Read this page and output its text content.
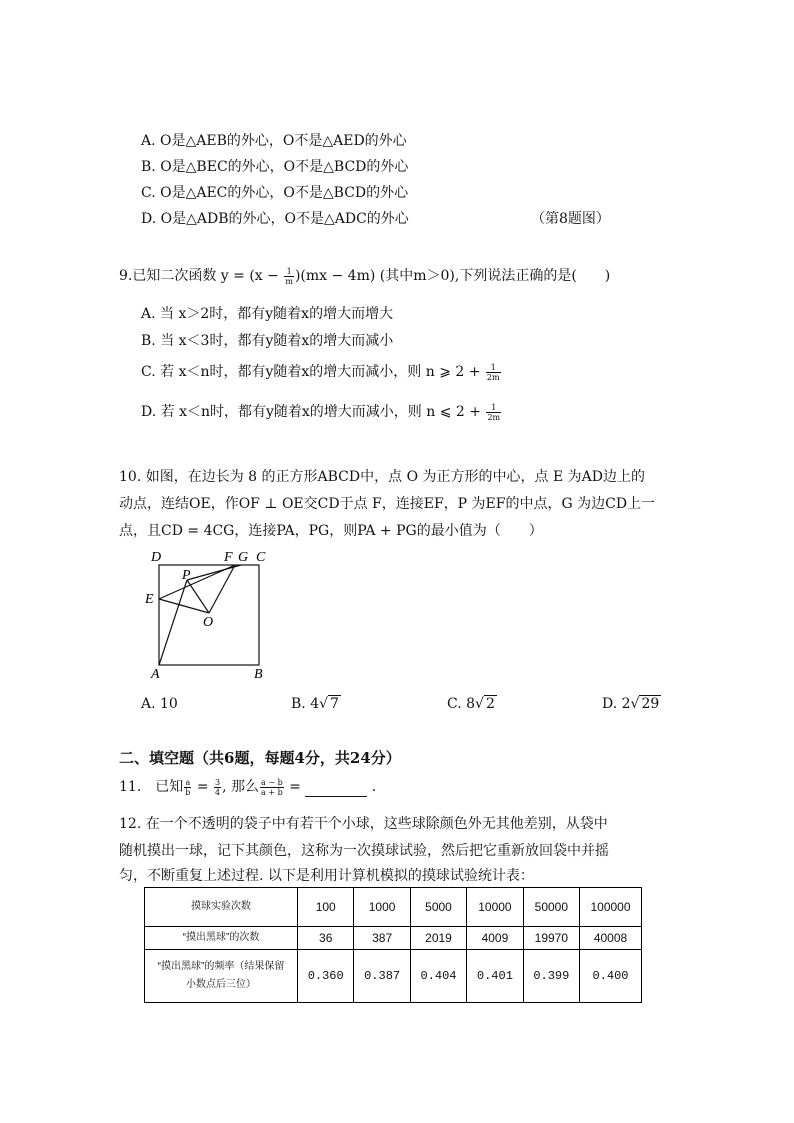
A. O是△AEB的外心，O不是△AED的外心
B. O是△BEC的外心，O不是△BCD的外心
C. O是△AEC的外心，O不是△BCD的外心
D. O是△ADB的外心，O不是△ADC的外心	（第8题图）
9.已知二次函数 $y = (x - \frac{1}{m} )(mx - 4m)$ (其中m＞0),下列说法正确的是(　　)
A. 当 x＞2时，都有y随着x的增大而增大
B. 当 x＜3时，都有y随着x的增大而减小
C. 若 x＜n时，都有y随着x的增大而减小，则 n ⩾ $2 + \frac{1}{2m}$
D. 若 x＜n时，都有y随着x的增大而减小，则 n ⩽ $2 + \frac{1}{2m}$
10. 如图，在边长为 8 的正方形ABCD中，点 O 为正方形的中心，点 E 为AD边上的
动点，连结OE，作OF ⊥ OE交CD于点 F，连接EF，P 为EF的中点，G 为边CD上一
点，且CD = 4CG，连接PA，PG，则PA + PG的最小值为（　　）
D	F G C
P
E
O
A	B
A. 10	B. 4√ 7	C. 8√ 2	D. 2√ 29
二、填空题（共6题，每题4分，共24分）
11.　已知 $\frac{a}{b} = \frac{3}{4}$ , 那么 $\frac{a - b}{a + b}$ =	.
12. 在一个不透明的袋子中有若干个小球，这些球除颜色外无其他差别，从袋中
随机摸出一球，记下其颜色，这称为一次摸球试验，然后把它重新放回袋中并摇
匀，不断重复上述过程. 以下是利用计算机模拟的摸球试验统计表：
摸球实验次数	100	1000	5000	10000	50000	100000
“摸出黑球”的次数	36	387	2019	4009	19970	40008

“摸出黑球”的频率（结果保留
小数点后三位）	0.360	0.387	0.404	0.401	0.399	0.400
